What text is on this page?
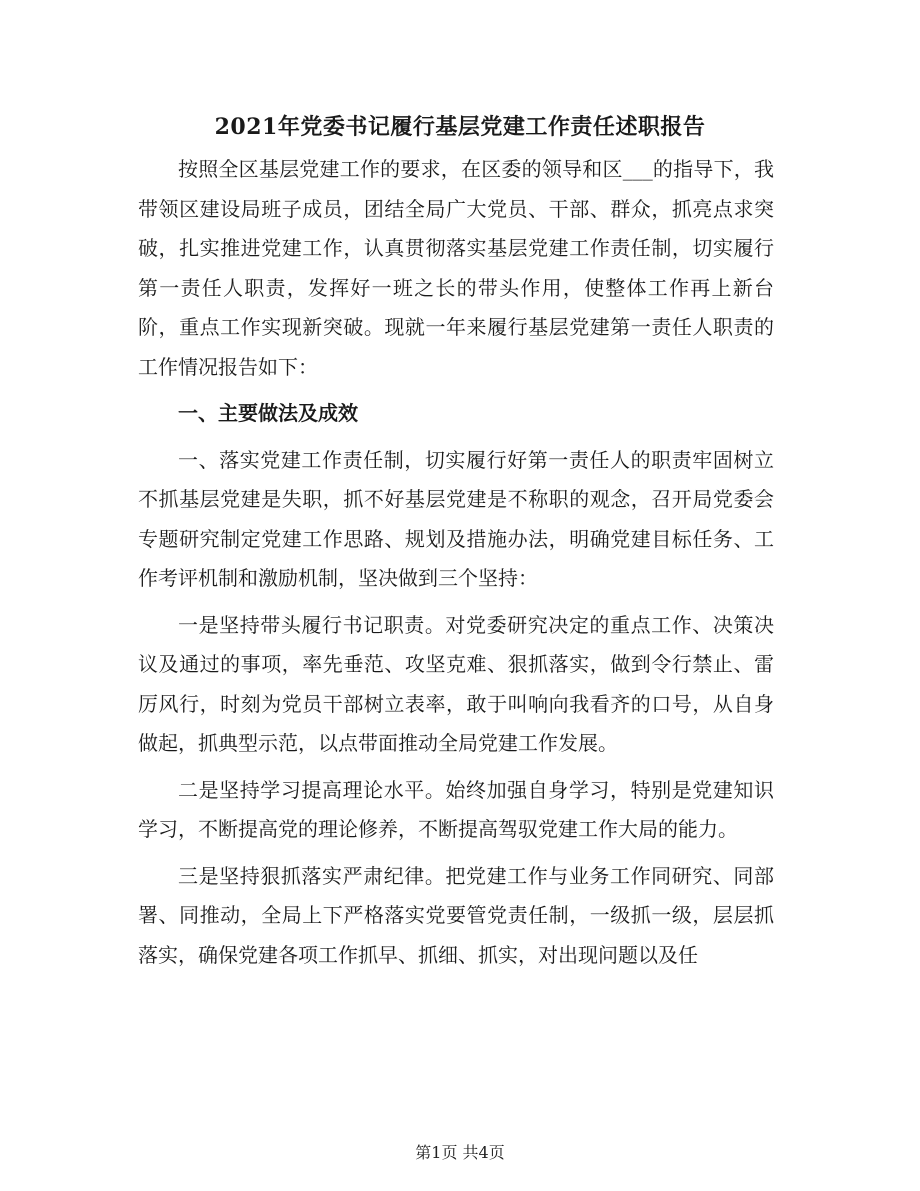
2021年党委书记履行基层党建工作责任述职报告

按照全区基层党建工作的要求，在区委的领导和区___的指导下，我带领区建设局班子成员，团结全局广大党员、干部、群众，抓亮点求突破，扎实推进党建工作，认真贯彻落实基层党建工作责任制，切实履行第一责任人职责，发挥好一班之长的带头作用，使整体工作再上新台阶，重点工作实现新突破。现就一年来履行基层党建第一责任人职责的工作情况报告如下：

一、主要做法及成效

一、落实党建工作责任制，切实履行好第一责任人的职责牢固树立不抓基层党建是失职，抓不好基层党建是不称职的观念，召开局党委会专题研究制定党建工作思路、规划及措施办法，明确党建目标任务、工作考评机制和激励机制，坚决做到三个坚持：

一是坚持带头履行书记职责。对党委研究决定的重点工作、决策决议及通过的事项，率先垂范、攻坚克难、狠抓落实，做到令行禁止、雷厉风行，时刻为党员干部树立表率，敢于叫响向我看齐的口号，从自身做起，抓典型示范，以点带面推动全局党建工作发展。

二是坚持学习提高理论水平。始终加强自身学习，特别是党建知识学习，不断提高党的理论修养，不断提高驾驭党建工作大局的能力。

三是坚持狠抓落实严肃纪律。把党建工作与业务工作同研究、同部署、同推动，全局上下严格落实党要管党责任制，一级抓一级，层层抓落实，确保党建各项工作抓早、抓细、抓实，对出现问题以及任

第1页 共4页
